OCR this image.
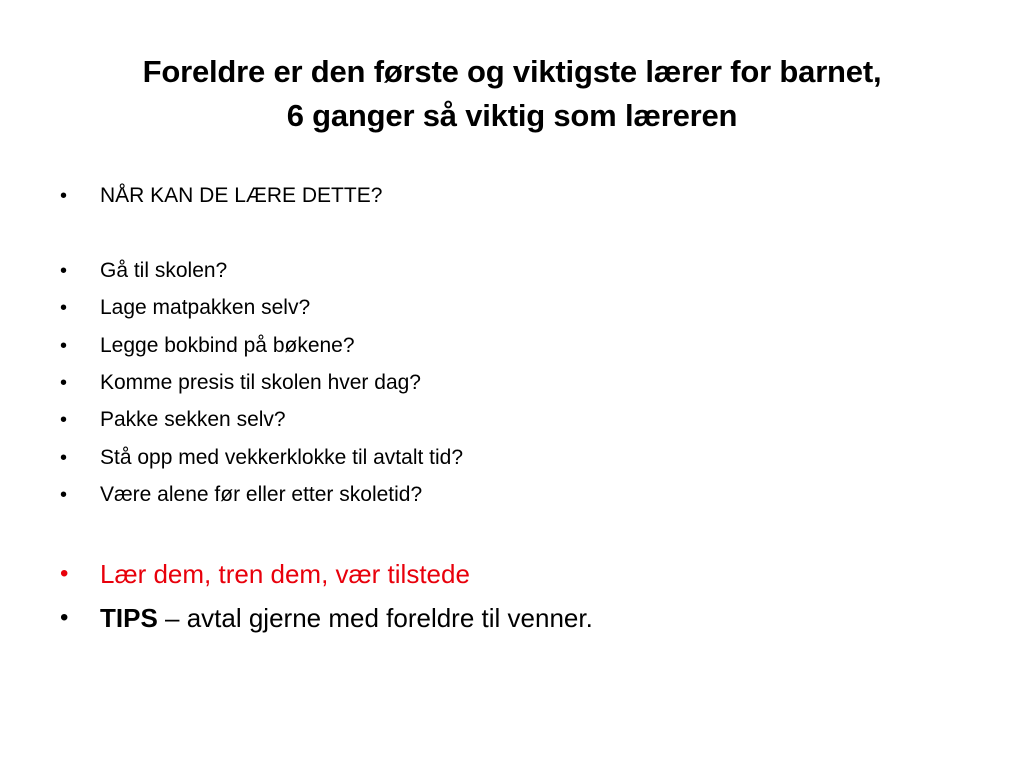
Foreldre er den første og viktigste lærer for barnet,
6 ganger så viktig som læreren
• NÅR KAN DE LÆRE DETTE?
• Gå til skolen?
• Lage matpakken selv?
• Legge bokbind på bøkene?
• Komme presis til skolen hver dag?
• Pakke sekken selv?
• Stå opp med vekkerklokke til avtalt tid?
• Være alene før eller etter skoletid?
• Lær dem, tren dem, vær tilstede
• TIPS – avtal gjerne med foreldre til venner.
